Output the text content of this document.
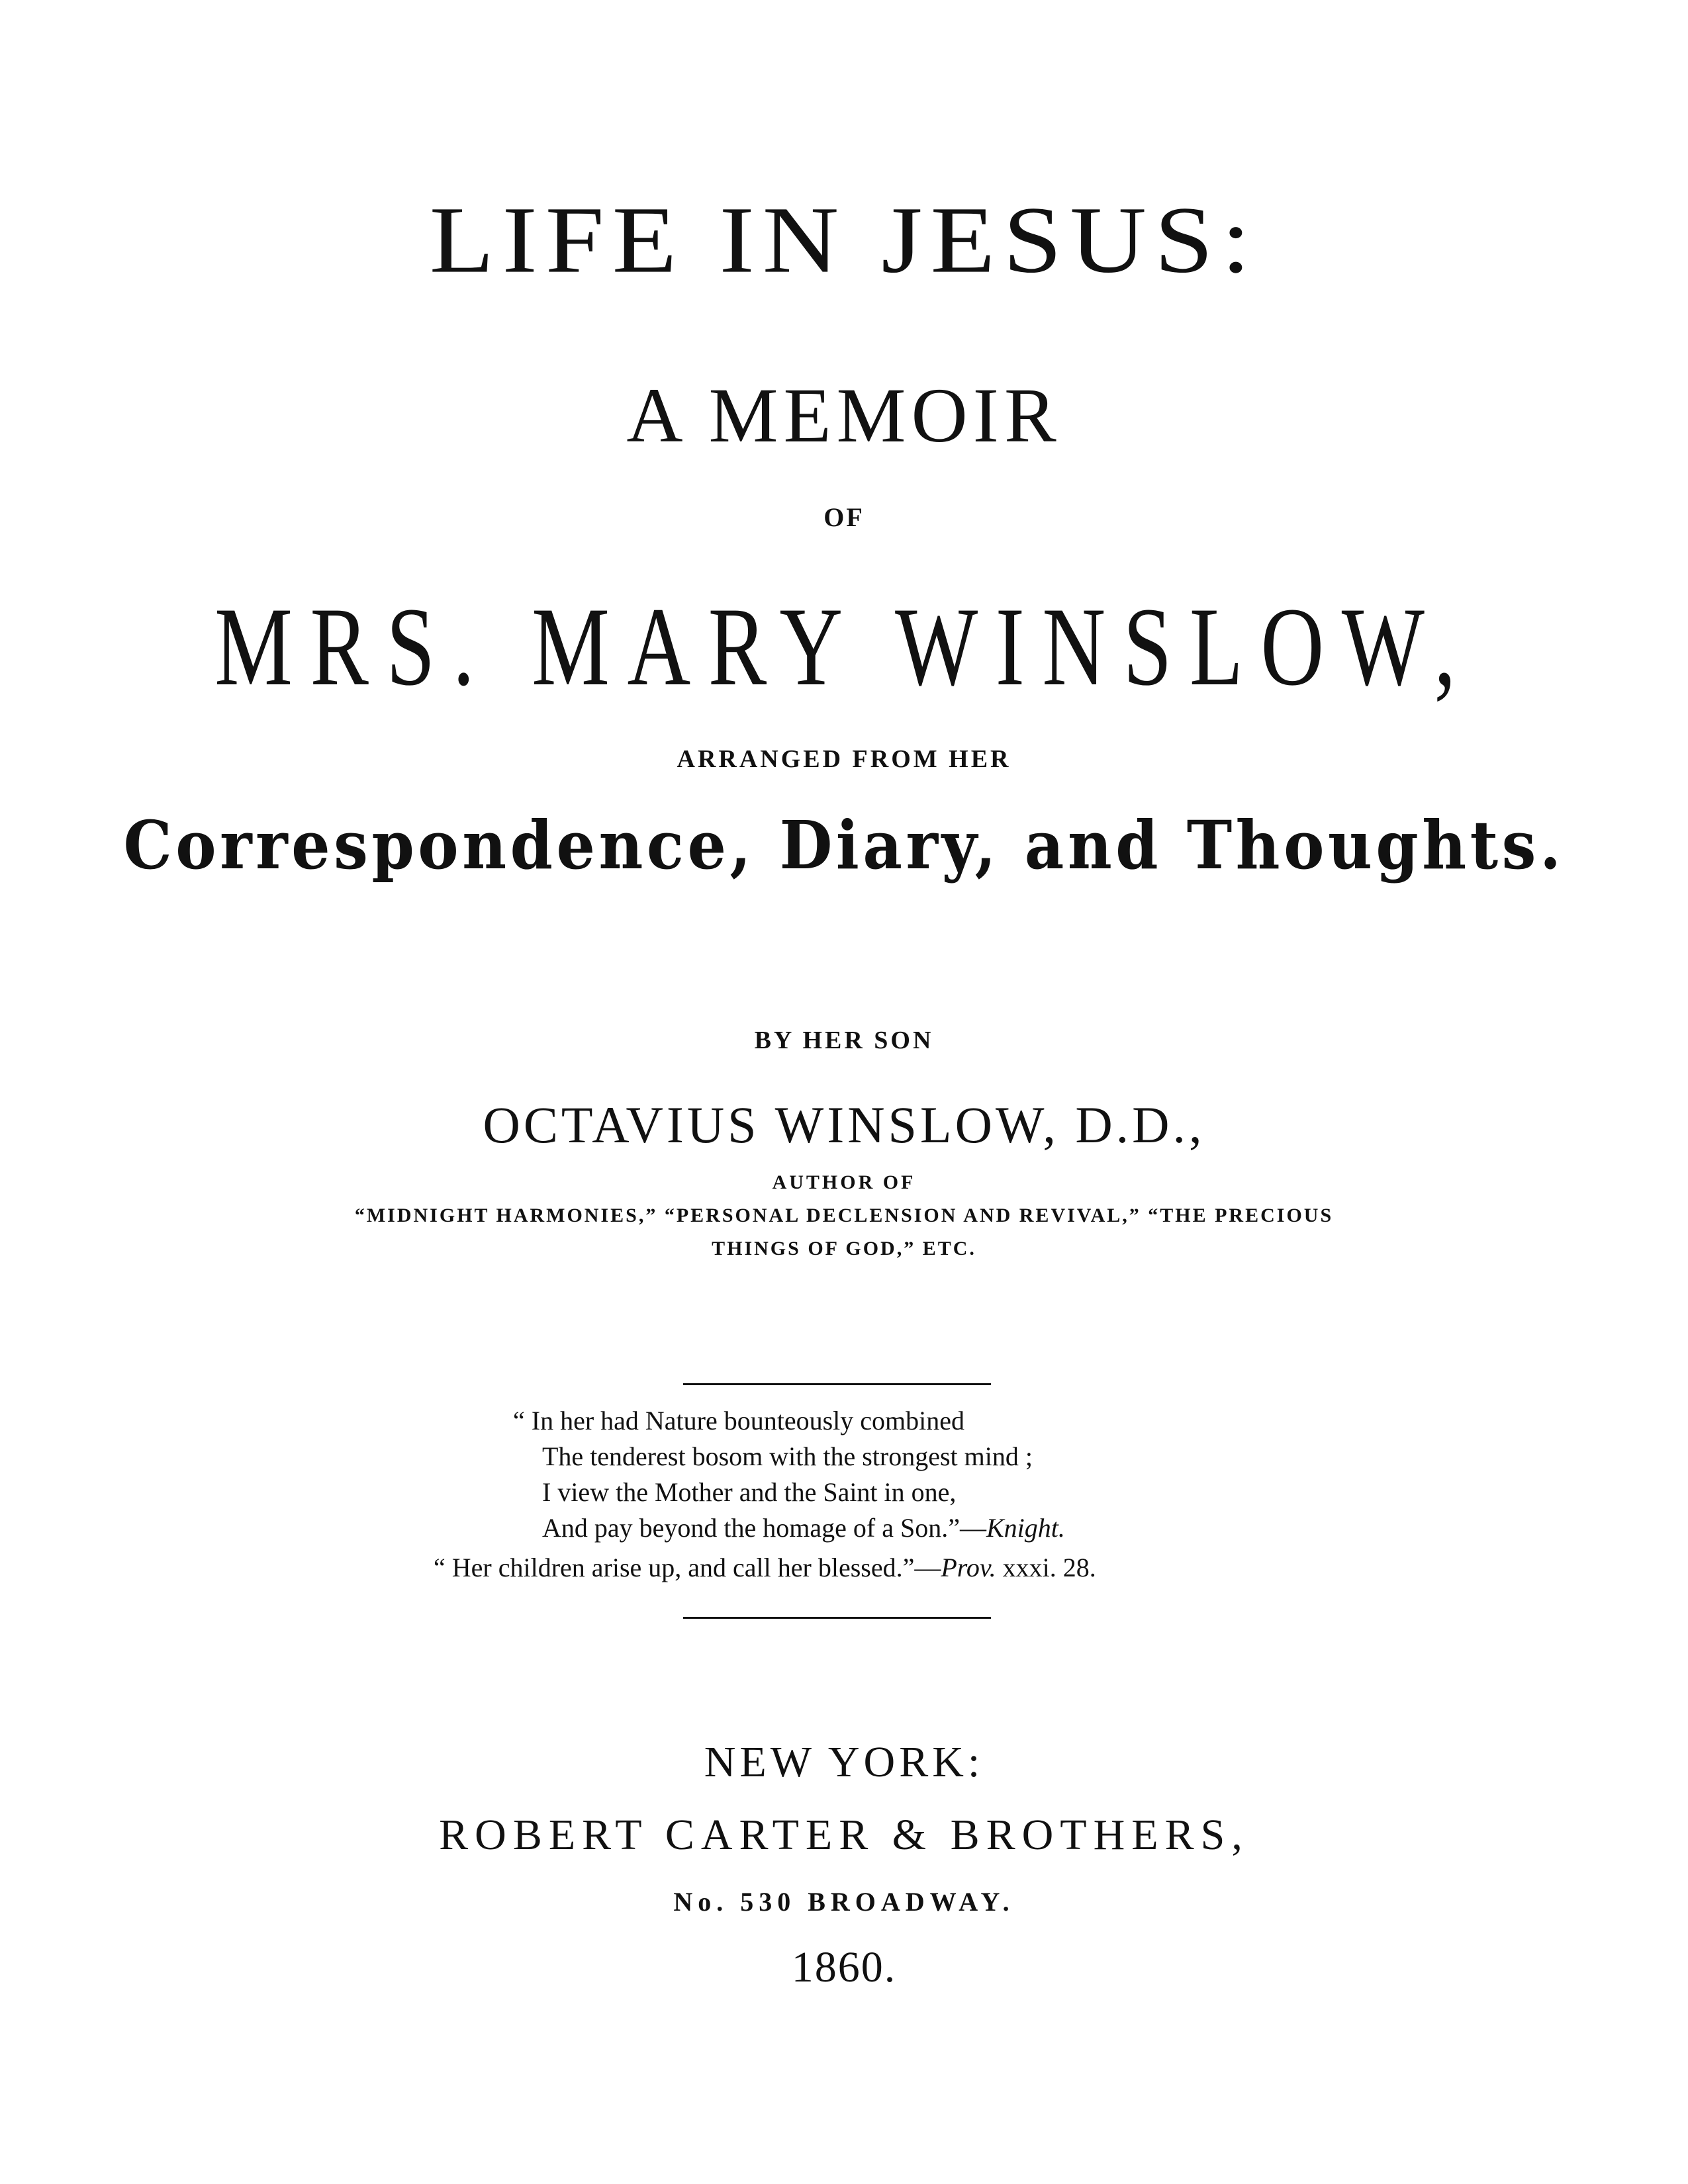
LIFE IN JESUS:
A MEMOIR
OF
MRS. MARY WINSLOW,
ARRANGED FROM HER
Correspondence, Diary, and Thoughts.
BY HER SON
OCTAVIUS WINSLOW, D.D.,
AUTHOR OF
“MIDNIGHT HARMONIES,” “PERSONAL DECLENSION AND REVIVAL,” “THE PRECIOUS
THINGS OF GOD,” ETC.
“ In her had Nature bounteously combined
The tenderest bosom with the strongest mind ;
I view the Mother and the Saint in one,
And pay beyond the homage of a Son.”—Knight.
“ Her children arise up, and call her blessed.”—Prov. xxxi. 28.
NEW YORK:
ROBERT CARTER & BROTHERS,
No. 530 BROADWAY.
1860.
